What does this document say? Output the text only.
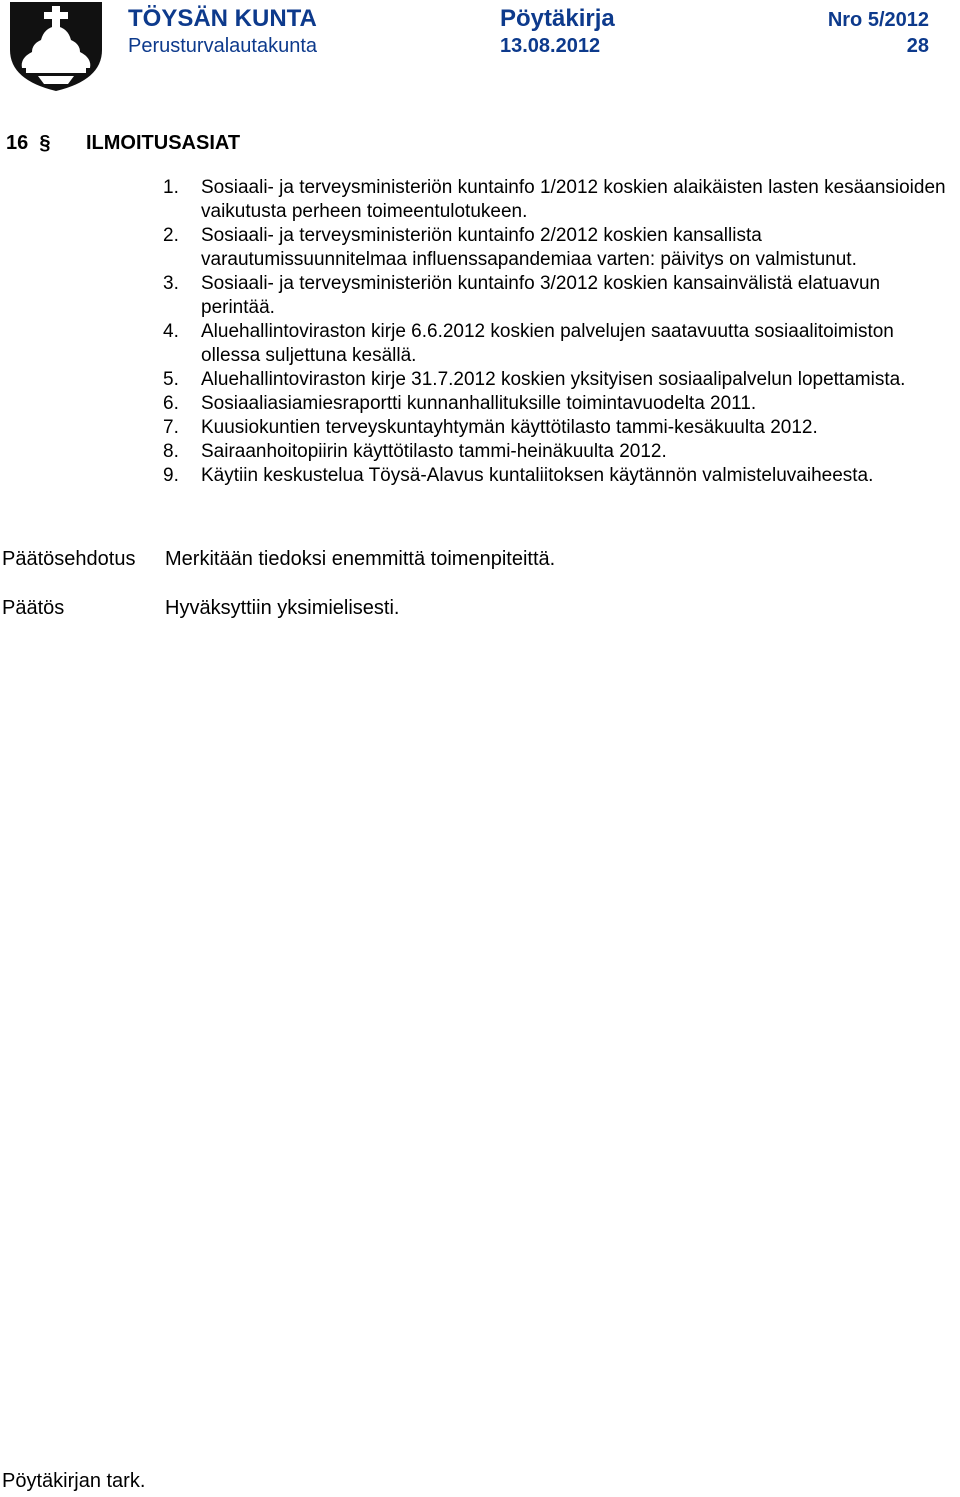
TÖYSÄN KUNTA	Pöytäkirja	Nro 5/2012
Perusturvalautakunta	13.08.2012	28
16 § ILMOITUSASIAT
1. Sosiaali- ja terveysministeriön kuntainfo 1/2012 koskien alaikäisten lasten kesäansioiden vaikutusta perheen toimeentulotukeen.
2. Sosiaali- ja terveysministeriön kuntainfo 2/2012 koskien kansallista varautumissuunnitelmaa influenssapandemiaa varten: päivitys on valmistunut.
3. Sosiaali- ja terveysministeriön kuntainfo 3/2012 koskien kansainvälistä elatuavun perintää.
4. Aluehallintoviraston kirje 6.6.2012 koskien palvelujen saatavuutta sosiaalitoimiston ollessa suljettuna kesällä.
5. Aluehallintoviraston kirje 31.7.2012 koskien yksityisen sosiaalipalvelun lopettamista.
6. Sosiaaliasiamiesraportti kunnanhallituksille toimintavuodelta 2011.
7. Kuusiokuntien terveyskuntayhtymän käyttötilasto tammi-kesäkuulta 2012.
8. Sairaanhoitopiirin käyttötilasto tammi-heinäkuulta 2012.
9. Käytiin keskustelua Töysä-Alavus kuntaliitoksen käytännön valmisteluvaiheesta.
Päätösehdotus Merkitään tiedoksi enemmittä toimenpiteittä.
Päätös	Hyväksyttiin yksimielisesti.
Pöytäkirjan tark.
